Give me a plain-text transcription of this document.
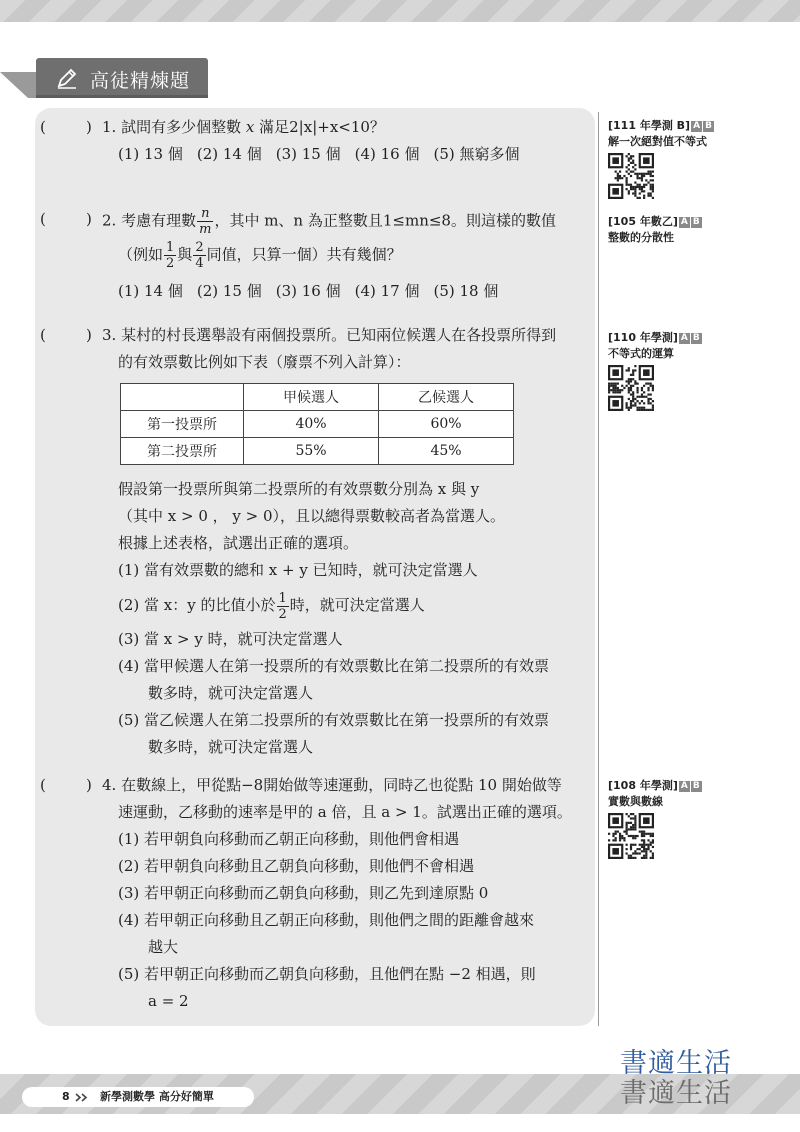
高徒精煉題
(	) 1. 試問有多少個整數 x 滿足2|x|+x<10？
(1) 13 個 (2) 14 個 (3) 15 個 (4) 16 個 (5) 無窮多個
(	) 2. 考慮有理數 $\frac{n}{m}$ ，其中 m、n 為正整數且1≤mn≤8。則這樣的數值
（例如 $\frac{1}{2}$ 與 $\frac{2}{4}$ 同值，只算一個）共有幾個？
(1) 14 個 (2) 15 個 (3) 16 個 (4) 17 個 (5) 18 個
(	) 3. 某村的村長選舉設有兩個投票所。已知兩位候選人在各投票所得到
的有效票數比例如下表（廢票不列入計算）：
	甲候選人	乙候選人
第一投票所	40%	60%
第二投票所	55%	45%
假設第一投票所與第二投票所的有效票數分別為 x 與 y
（其中 x > 0 ， y > 0），且以總得票數較高者為當選人。
根據上述表格，試選出正確的選項。
(1) 當有效票數的總和 x + y 已知時，就可決定當選人
(2) 當 x：y 的比值小於 $\frac{1}{2}$ 時，就可決定當選人
(3) 當 x > y 時，就可決定當選人
(4) 當甲候選人在第一投票所的有效票數比在第二投票所的有效票
數多時，就可決定當選人
(5) 當乙候選人在第二投票所的有效票數比在第一投票所的有效票
數多時，就可決定當選人
(	) 4. 在數線上，甲從點−8開始做等速運動，同時乙也從點 10 開始做等
速運動，乙移動的速率是甲的 a 倍，且 a > 1。試選出正確的選項。
(1) 若甲朝負向移動而乙朝正向移動，則他們會相遇
(2) 若甲朝負向移動且乙朝負向移動，則他們不會相遇
(3) 若甲朝正向移動而乙朝負向移動，則乙先到達原點 0
(4) 若甲朝正向移動且乙朝正向移動，則他們之間的距離會越來
越大
(5) 若甲朝正向移動而乙朝負向移動，且他們在點 −2 相遇，則
a = 2
[111 年學測 B] A B
解一次絕對值不等式
[105 年數乙] A B
整數的分散性
[110 年學測] A B
不等式的運算
[108 年學測] A B
實數與數線
書適生活
書適生活
8	新學測數學 高分好簡單
